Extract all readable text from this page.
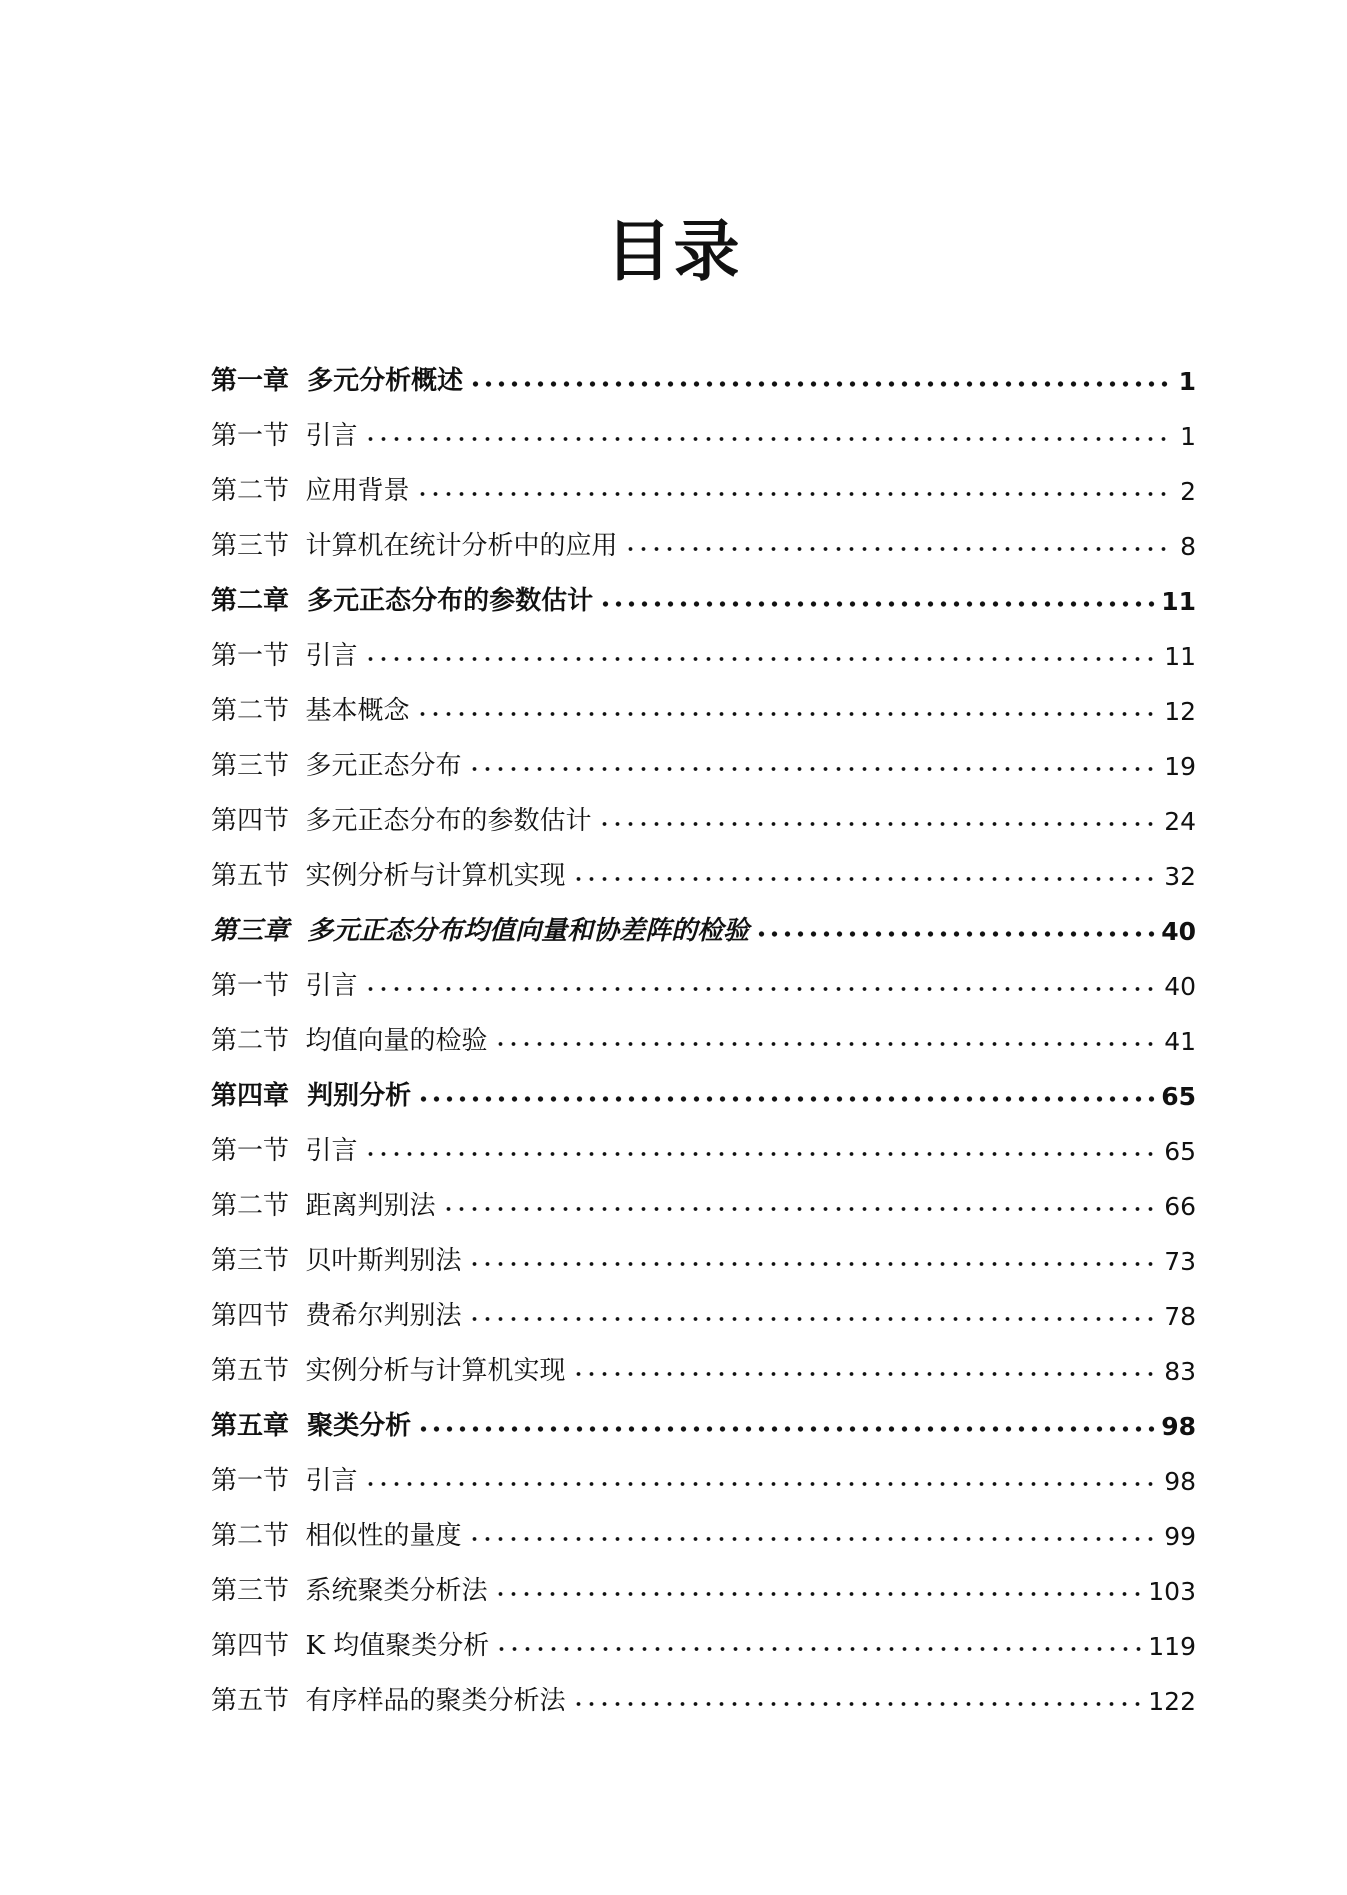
目录
第一章  多元分析概述	1
第一节  引言	1
第二节  应用背景	2
第三节  计算机在统计分析中的应用	8
第二章  多元正态分布的参数估计	11
第一节  引言	11
第二节  基本概念	12
第三节  多元正态分布	19
第四节  多元正态分布的参数估计	24
第五节  实例分析与计算机实现	32
第三章  多元正态分布均值向量和协差阵的检验	40
第一节  引言	40
第二节  均值向量的检验	41
第四章  判别分析	65
第一节  引言	65
第二节  距离判别法	66
第三节  贝叶斯判别法	73
第四节  费希尔判别法	78
第五节  实例分析与计算机实现	83
第五章  聚类分析	98
第一节  引言	98
第二节  相似性的量度	99
第三节  系统聚类分析法	103
第四节  K 均值聚类分析	119
第五节  有序样品的聚类分析法	122
